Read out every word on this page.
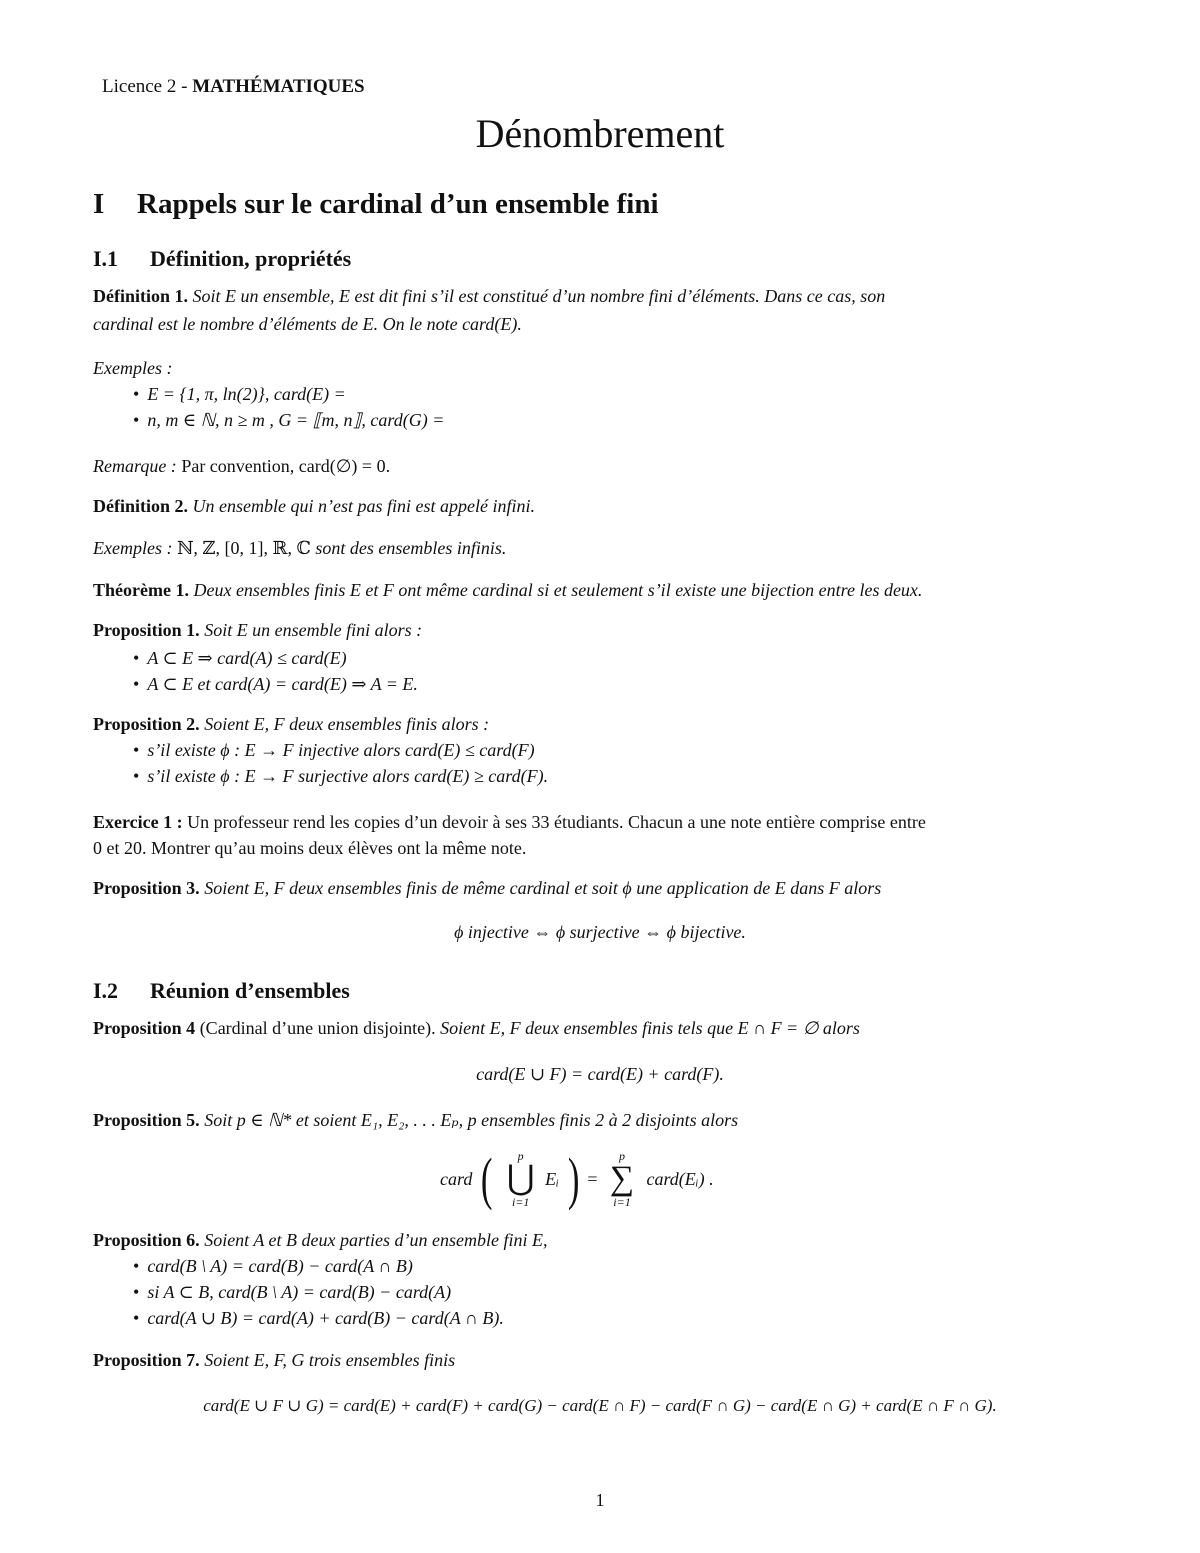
Licence 2 - MATHÉMATIQUES
Dénombrement
I Rappels sur le cardinal d’un ensemble fini
I.1 Définition, propriétés
Définition 1. Soit E un ensemble, E est dit fini s’il est constitué d’un nombre fini d’éléments. Dans ce cas, son
cardinal est le nombre d’éléments de E. On le note card(E).
Exemples :
• E = {1, π, ln(2)}, card(E) =
• n, m ∈ ℕ, n ≥ m , G = ⟦m, n⟧, card(G) =
Remarque : Par convention, card(∅) = 0.
Définition 2. Un ensemble qui n’est pas fini est appelé infini.
Exemples : ℕ, ℤ, [0, 1], ℝ, ℂ sont des ensembles infinis.
Théorème 1. Deux ensembles finis E et F ont même cardinal si et seulement s’il existe une bijection entre les deux.
Proposition 1. Soit E un ensemble fini alors :
• A ⊂ E ⇒ card(A) ≤ card(E)
• A ⊂ E et card(A) = card(E) ⇒ A = E.
Proposition 2. Soient E, F deux ensembles finis alors :
• s’il existe ϕ : E → F injective alors card(E) ≤ card(F)
• s’il existe ϕ : E → F surjective alors card(E) ≥ card(F).
Exercice 1 : Un professeur rend les copies d’un devoir à ses 33 étudiants. Chacun a une note entière comprise entre
0 et 20. Montrer qu’au moins deux élèves ont la même note.
Proposition 3. Soient E, F deux ensembles finis de même cardinal et soit ϕ une application de E dans F alors
ϕ injective ⇔ ϕ surjective ⇔ ϕ bijective.
I.2 Réunion d’ensembles
Proposition 4 (Cardinal d’une union disjointe). Soient E, F deux ensembles finis tels que E ∩ F = ∅ alors
card(E ∪ F) = card(E) + card(F).
Proposition 5. Soit p ∈ ℕ* et soient E₁, E₂, . . . Eₚ, p ensembles finis 2 à 2 disjoints alors
card (	p
⋃
i=1
Eᵢ ) =
p
∑
i=1
card(Eᵢ) .
Proposition 6. Soient A et B deux parties d’un ensemble fini E,
• card(B \ A) = card(B) − card(A ∩ B)
• si A ⊂ B, card(B \ A) = card(B) − card(A)
• card(A ∪ B) = card(A) + card(B) − card(A ∩ B).
Proposition 7. Soient E, F, G trois ensembles finis
card(E ∪ F ∪ G) = card(E) + card(F) + card(G) − card(E ∩ F) − card(F ∩ G) − card(E ∩ G) + card(E ∩ F ∩ G).
1
